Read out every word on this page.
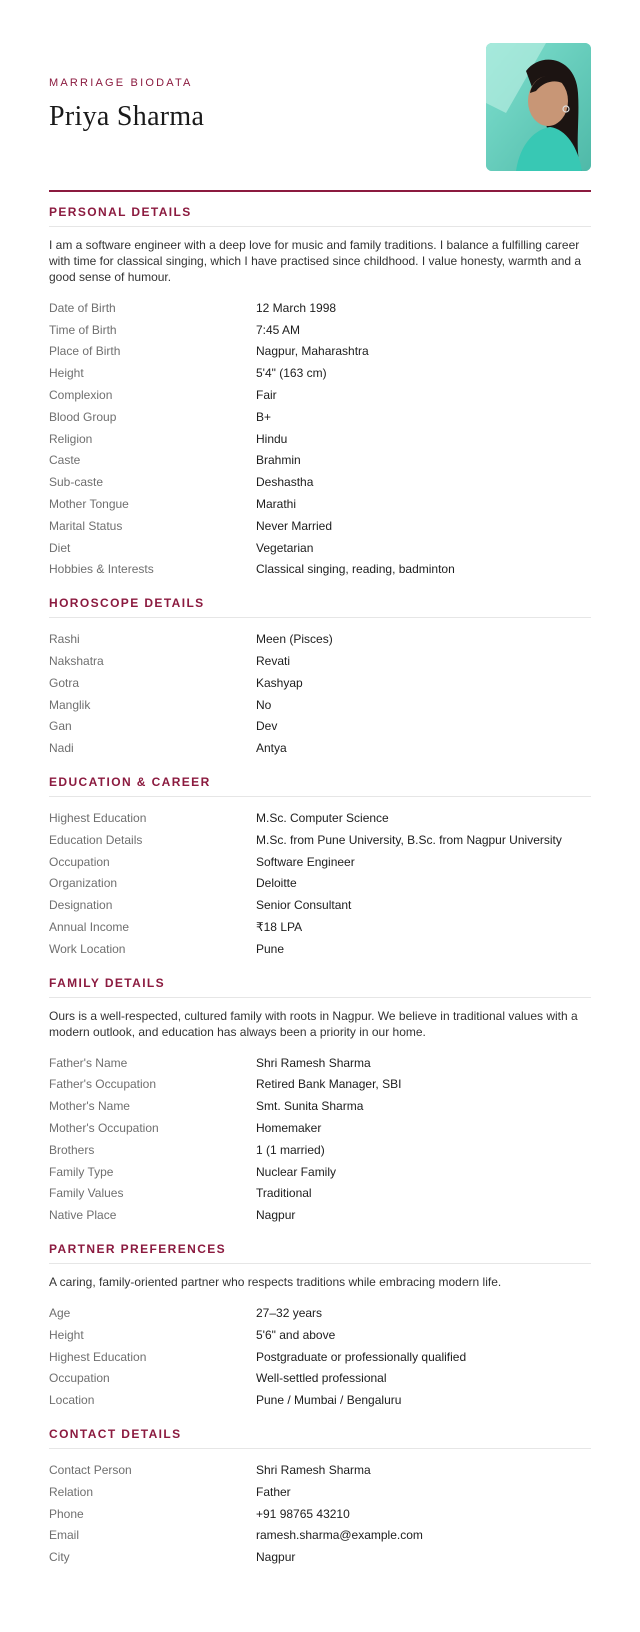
MARRIAGE BIODATA
Priya Sharma
PERSONAL DETAILS

I am a software engineer with a deep love for music and family traditions. I balance a fulfilling career with time for classical singing, which I have practised since childhood. I value honesty, warmth and a good sense of humour.

Date of Birth	12 March 1998
Time of Birth	7:45 AM
Place of Birth	Nagpur, Maharashtra
Height	5'4" (163 cm)
Complexion	Fair
Blood Group	B+
Religion	Hindu
Caste	Brahmin
Sub-caste	Deshastha
Mother Tongue	Marathi
Marital Status	Never Married
Diet	Vegetarian
Hobbies & Interests	Classical singing, reading, badminton
HOROSCOPE DETAILS
Rashi	Meen (Pisces)
Nakshatra	Revati
Gotra	Kashyap
Manglik	No
Gan	Dev
Nadi	Antya
EDUCATION & CAREER
Highest Education	M.Sc. Computer Science
Education Details	M.Sc. from Pune University, B.Sc. from Nagpur University
Occupation	Software Engineer
Organization	Deloitte
Designation	Senior Consultant
Annual Income	₹18 LPA
Work Location	Pune
FAMILY DETAILS

Ours is a well-respected, cultured family with roots in Nagpur. We believe in traditional values with a modern outlook, and education has always been a priority in our home.

Father's Name	Shri Ramesh Sharma
Father's Occupation	Retired Bank Manager, SBI
Mother's Name	Smt. Sunita Sharma
Mother's Occupation	Homemaker
Brothers	1 (1 married)
Family Type	Nuclear Family
Family Values	Traditional
Native Place	Nagpur
PARTNER PREFERENCES

A caring, family-oriented partner who respects traditions while embracing modern life.

Age	27–32 years
Height	5'6" and above
Highest Education	Postgraduate or professionally qualified
Occupation	Well-settled professional
Location	Pune / Mumbai / Bengaluru
CONTACT DETAILS
Contact Person	Shri Ramesh Sharma
Relation	Father
Phone	+91 98765 43210
Email	ramesh.sharma@example.com
City	Nagpur
